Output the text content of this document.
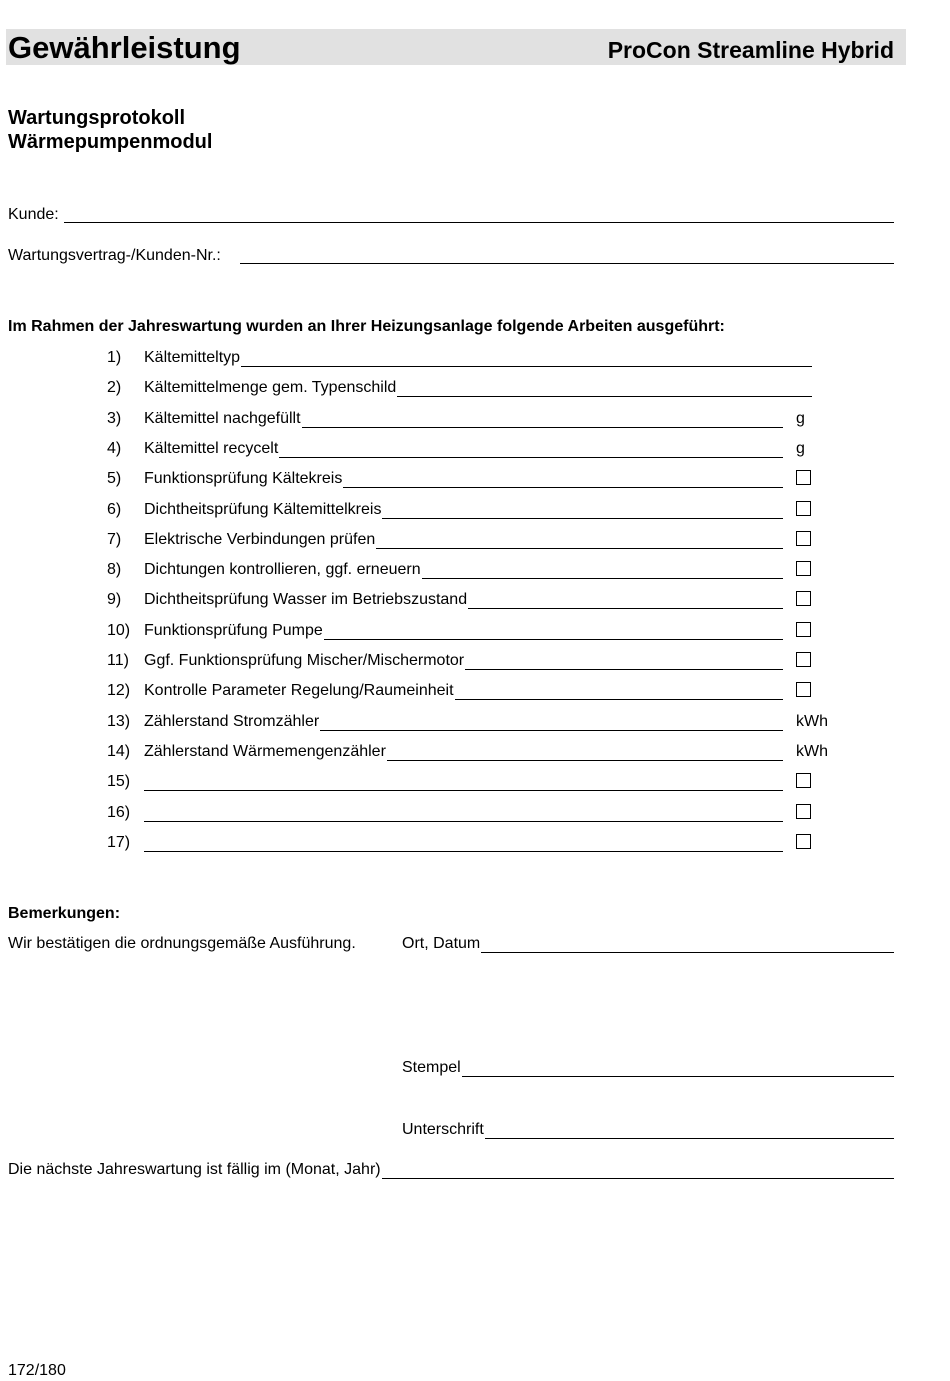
Gewährleistung	ProCon Streamline Hybrid
Wartungsprotokoll
Wärmepumpenmodul
Kunde:
Wartungsvertrag-/Kunden-Nr.:
Im Rahmen der Jahreswartung wurden an Ihrer Heizungsanlage folgende Arbeiten ausgeführt:
1) Kältemitteltyp
2) Kältemittelmenge gem. Typenschild
3) Kältemittel nachgefüllt	g
4) Kältemittel recycelt	g
5) Funktionsprüfung Kältekreis
6) Dichtheitsprüfung Kältemittelkreis
7) Elektrische Verbindungen prüfen
8) Dichtungen kontrollieren, ggf. erneuern
9) Dichtheitsprüfung Wasser im Betriebszustand
10) Funktionsprüfung Pumpe
11) Ggf. Funktionsprüfung Mischer/Mischermotor
12) Kontrolle Parameter Regelung/Raumeinheit
13) Zählerstand Stromzähler	kWh
14) Zählerstand Wärmemengenzähler	kWh
15)
16)
17)
Bemerkungen:
Wir bestätigen die ordnungsgemäße Ausführung.	Ort, Datum
Stempel
Unterschrift
Die nächste Jahreswartung ist fällig im (Monat, Jahr)
172/180
